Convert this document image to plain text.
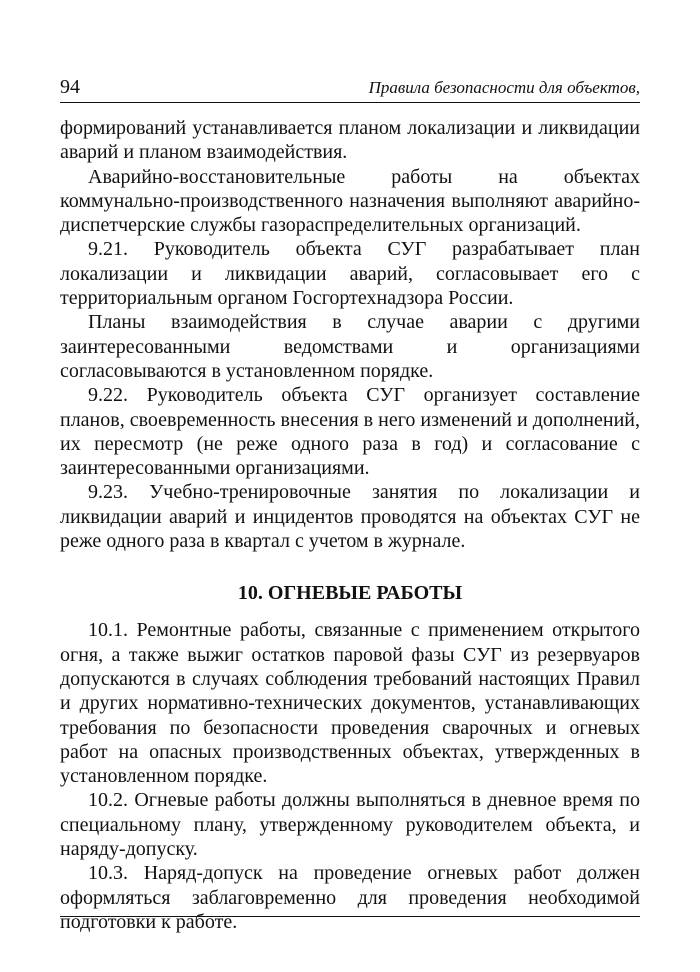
94	Правила безопасности для объектов,

формирований устанавливается планом локализации и ликвидации аварий и планом взаимодействия.

Аварийно-восстановительные работы на объектах коммунально-производственного назначения выполняют аварийно-диспетчерские службы газораспределительных организаций.

9.21. Руководитель объекта СУГ разрабатывает план локализации и ликвидации аварий, согласовывает его с территориальным органом Госгортехнадзора России.

Планы взаимодействия в случае аварии с другими заинтересованными ведомствами и организациями согласовываются в установленном порядке.

9.22. Руководитель объекта СУГ организует составление планов, своевременность внесения в него изменений и дополнений, их пересмотр (не реже одного раза в год) и согласование с заинтересованными организациями.

9.23. Учебно-тренировочные занятия по локализации и ликвидации аварий и инцидентов проводятся на объектах СУГ не реже одного раза в квартал с учетом в журнале.

10. ОГНЕВЫЕ РАБОТЫ

10.1. Ремонтные работы, связанные с применением открытого огня, а также выжиг остатков паровой фазы СУГ из резервуаров допускаются в случаях соблюдения требований настоящих Правил и других нормативно-технических документов, устанавливающих требования по безопасности проведения сварочных и огневых работ на опасных производственных объектах, утвержденных в установленном порядке.

10.2. Огневые работы должны выполняться в дневное время по специальному плану, утвержденному руководителем объекта, и наряду-допуску.

10.3. Наряд-допуск на проведение огневых работ должен оформляться заблаговременно для проведения необходимой подготовки к работе.
